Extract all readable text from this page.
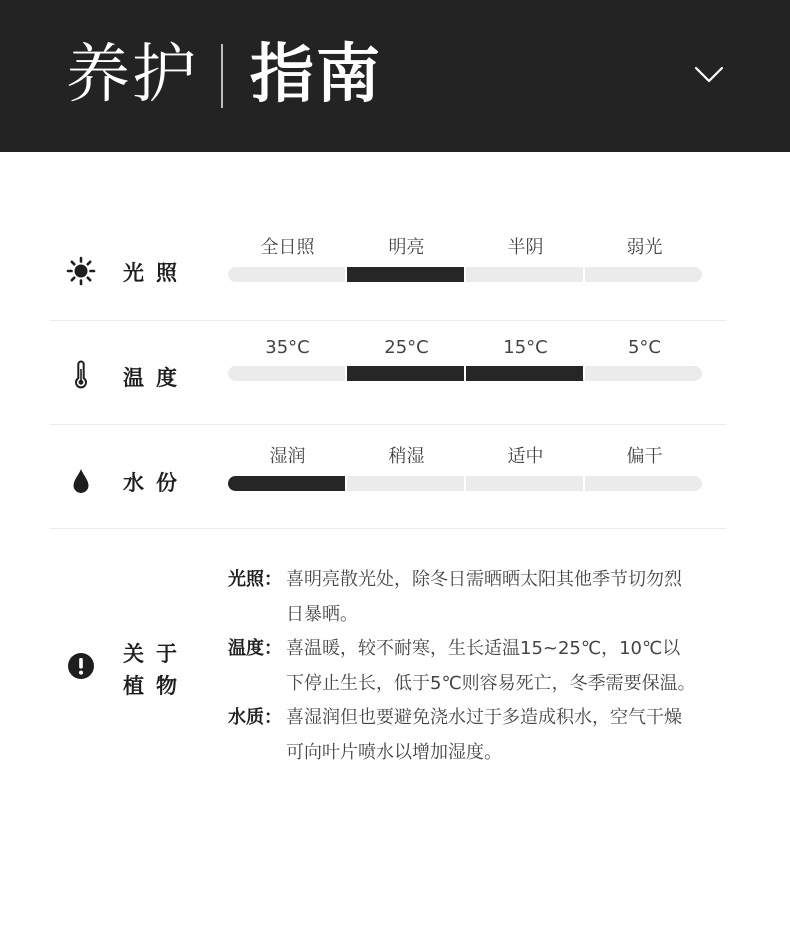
养护 指南
光照
全日照	明亮	半阴	弱光
温度
35°C	25°C	15°C	5°C
水份
湿润	稍湿	适中	偏干
关于
植物
光照： 喜明亮散光处，除冬日需晒晒太阳其他季节切勿烈日暴晒。
温度： 喜温暖，较不耐寒，生长适温15~25℃，10℃以下停止生长，低于5℃则容易死亡，冬季需要保温。
水质： 喜湿润但也要避免浇水过于多造成积水，空气干燥可向叶片喷水以增加湿度。
